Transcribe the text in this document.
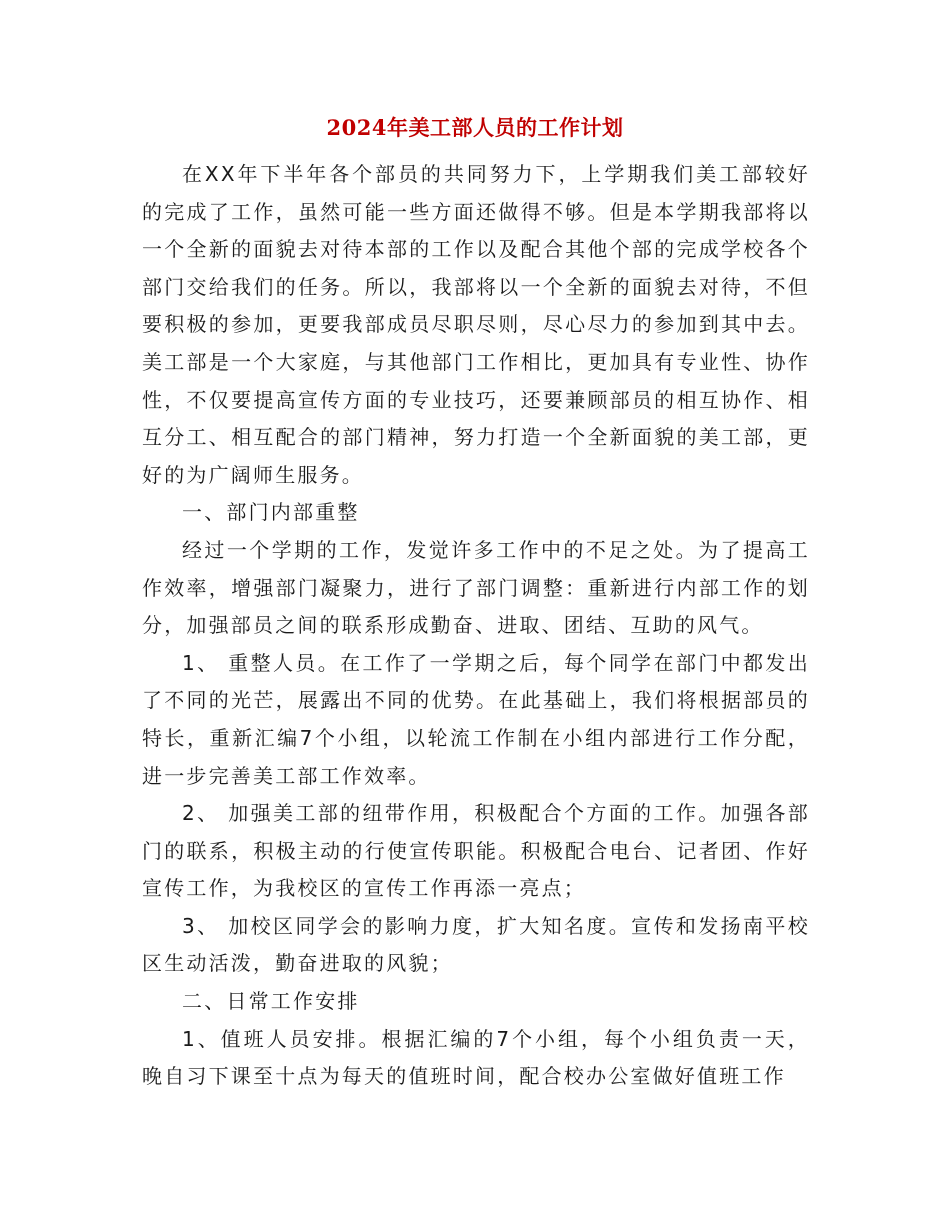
2024年美工部人员的工作计划

在XX年下半年各个部员的共同努力下，上学期我们美工部较好的完成了工作，虽然可能一些方面还做得不够。但是本学期我部将以一个全新的面貌去对待本部的工作以及配合其他个部的完成学校各个部门交给我们的任务。所以，我部将以一个全新的面貌去对待，不但要积极的参加，更要我部成员尽职尽则，尽心尽力的参加到其中去。美工部是一个大家庭，与其他部门工作相比，更加具有专业性、协作性，不仅要提高宣传方面的专业技巧，还要兼顾部员的相互协作、相互分工、相互配合的部门精神，努力打造一个全新面貌的美工部，更好的为广阔师生服务。

一、部门内部重整

经过一个学期的工作，发觉许多工作中的不足之处。为了提高工作效率，增强部门凝聚力，进行了部门调整：重新进行内部工作的划分，加强部员之间的联系形成勤奋、进取、团结、互助的风气。

1、 重整人员。在工作了一学期之后，每个同学在部门中都发出了不同的光芒，展露出不同的优势。在此基础上，我们将根据部员的特长，重新汇编7个小组，以轮流工作制在小组内部进行工作分配，进一步完善美工部工作效率。

2、 加强美工部的纽带作用，积极配合个方面的工作。加强各部门的联系，积极主动的行使宣传职能。积极配合电台、记者团、作好宣传工作，为我校区的宣传工作再添一亮点；

3、 加校区同学会的影响力度，扩大知名度。宣传和发扬南平校区生动活泼，勤奋进取的风貌；

二、日常工作安排

1、值班人员安排。根据汇编的7个小组，每个小组负责一天，晚自习下课至十点为每天的值班时间，配合校办公室做好值班工作
